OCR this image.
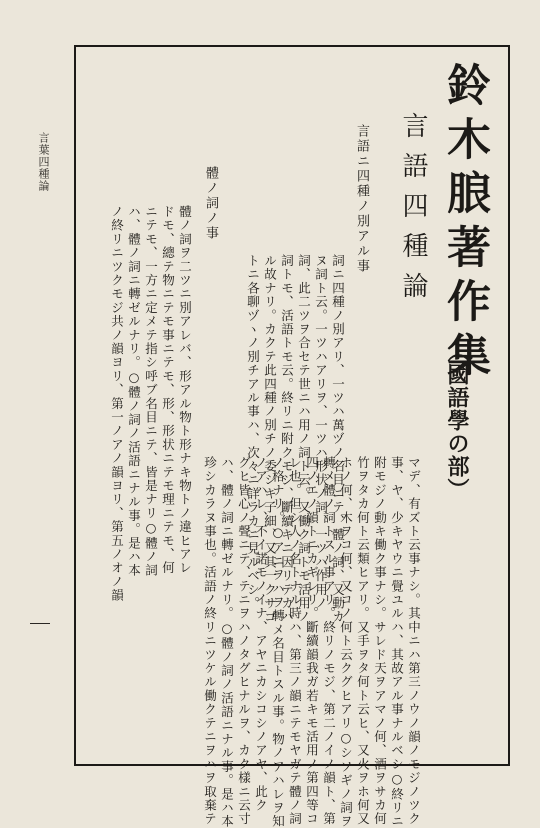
言葉四種論	鈴木朖著作集
（國語學の部）
言語四種論
言語ニ四種ノ別アル事
體ノ詞ノ事
詞ニ四種ノ別アリ、一ツハ萬ヅノ名目ニテ、體ノ詞、又動カ
ヌ詞ト云。一ツハアリヲ、一ツハ形状ノ詞、一ツハ作用ノ
詞、此二ツヲ合セテ世ニハ用ノ詞ト云。又働ク詞トモ活用ノ
詞トモ、活語トモ云。終リニ附クモジ、斷續キニ因リテカハ
ル故ナリ。カクテ此四種ノ別チノ委シキ子細、又其一クサゴ
トニ各聊ヅヽノ別チアル事ハ、次々ニ詳ラカニ見ルベシ。
體ノ詞ヲ二ツニ別アレバ、形アル物ト形ナキ物トノ違ヒアレ
ドモ、總テ物ニテモ事ニテモ、形、形状ニテモ理ニテモ、何
ニテモ、一方ニ定メテ指シ呼ブ名目ニテ、皆是ナリ○體ノ詞
ハ、體ノ詞ニ轉ゼルナリ。○體ノ詞ノ活語ニナル事。是ハ本
ノ終リニツクモジ共ノ韻ヨリ、第一ノアノ韻ヨリ、第五ノオノ韻
マデ、有ズト云事ナシ。其中ニハ第三ノウノ韻ノモジノツク
事、ヤ、少キヤウニ覺ユルハ、其故アル事ナルベシ○終リニ
附モジノ動キ働ク事ナシ。サレド天ヲアマノ何、酒ヲサカ何
竹ヲタカ何ト云類ヒアリ。又手ヲタ何ト云ヒ、又火ヲホ何又
ホノ何、木ヲコ何、又コノ何ト云クグヒアリ○シソギノ詞ヲ
轉メ體ノ詞トスル事アリ。終リノモジ、第二ノイノ韻ト、第
四ノエノ韻トニカギレリ。斷續韻我ガ若キモ活用ノ第四等コ
レ也。但シ人ノ名トナル時ハ、第三ノ韻ニテモヤガテ體ノ詞
ノ格ナリ。○アニヲハヲ轉メ名目トスル事。物ノアハレヲ知
ノアハレ、不イ諾モノイナ、アヤニカシコシノアヤ、此ク
グヒ皆心ノ聲ニテ、テニヲハノタグヒナルヲ、カク樣ニ云寸
ハ、體ノ詞ニ轉ゼルナリ。○體ノ詞ノ活語ニナル事。是ハ本
珍シカラヌ事也。活語ノ終リニツケル働クテニヲハヲ取棄テ
